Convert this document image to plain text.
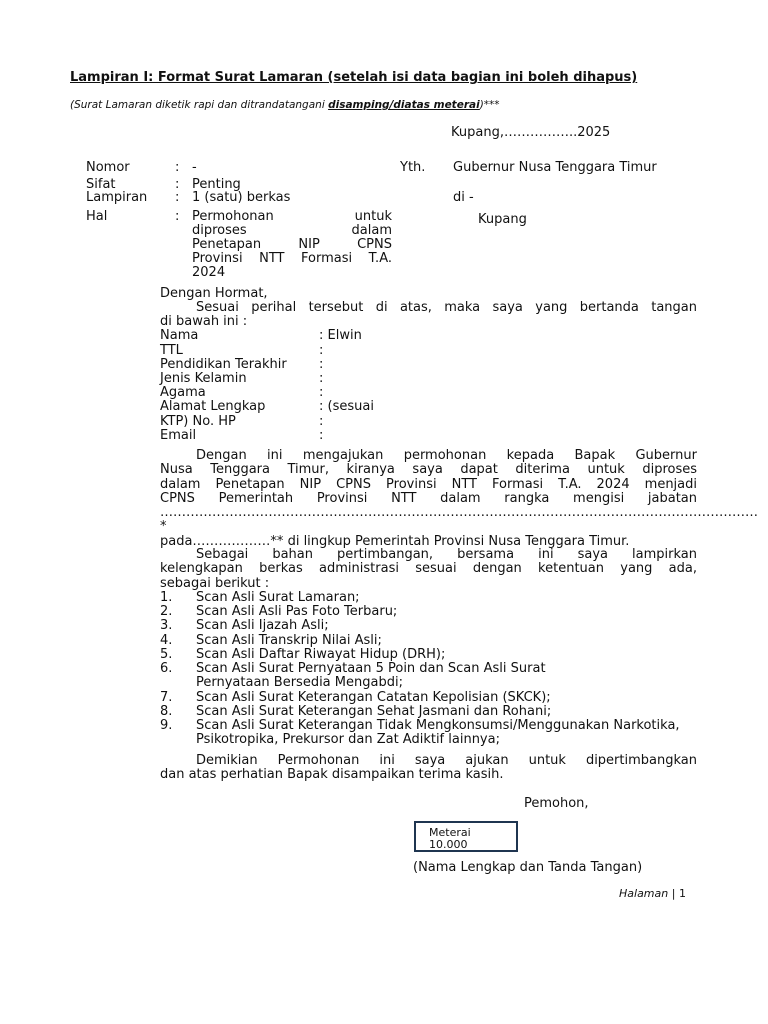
Lampiran I: Format Surat Lamaran (setelah isi data bagian ini boleh dihapus)
(Surat Lamaran diketik rapi dan ditrandatangani disamping/diatas meterai)***
Kupang,……………..2025
Nomor	: -
Sifat	: Penting
Lampiran : 1 (satu) berkas
Hal	: Permohonan untuk
diproses dalam
Penetapan NIP CPNS
Provinsi NTT Formasi T.A.
2024
Yth. Gubernur Nusa Tenggara Timur
di -
Kupang
Dengan Hormat,
Sesuai perihal tersebut di atas, maka saya yang bertanda tangan
di bawah ini :
Nama	: Elwin
TTL	:
Pendidikan Terakhir :
Jenis Kelamin	:
Agama	:
Alamat Lengkap	: (sesuai
KTP) No. HP	:
Email	:
Dengan ini mengajukan permohonan kepada Bapak Gubernur
Nusa Tenggara Timur, kiranya saya dapat diterima untuk diproses
dalam Penetapan NIP CPNS Provinsi NTT Formasi T.A. 2024 menjadi
CPNS Pemerintah Provinsi NTT dalam rangka mengisi jabatan
…………………………………………………………………………………………………………………………
*
pada………………** di lingkup Pemerintah Provinsi Nusa Tenggara Timur.
Sebagai bahan pertimbangan, bersama ini saya lampirkan
kelengkapan berkas administrasi sesuai dengan ketentuan yang ada,
sebagai berikut :
1. Scan Asli Surat Lamaran;
2. Scan Asli Asli Pas Foto Terbaru;
3. Scan Asli Ijazah Asli;
4. Scan Asli Transkrip Nilai Asli;
5. Scan Asli Daftar Riwayat Hidup (DRH);
6. Scan Asli Surat Pernyataan 5 Poin dan Scan Asli Surat Pernyataan Bersedia Mengabdi;
7. Scan Asli Surat Keterangan Catatan Kepolisian (SKCK);
8. Scan Asli Surat Keterangan Sehat Jasmani dan Rohani;
9. Scan Asli Surat Keterangan Tidak Mengkonsumsi/Menggunakan Narkotika, Psikotropika, Prekursor dan Zat Adiktif lainnya;
Demikian Permohonan ini saya ajukan untuk dipertimbangkan
dan atas perhatian Bapak disampaikan terima kasih.
Pemohon,
Meterai
10.000
(Nama Lengkap dan Tanda Tangan)
Halaman | 1
